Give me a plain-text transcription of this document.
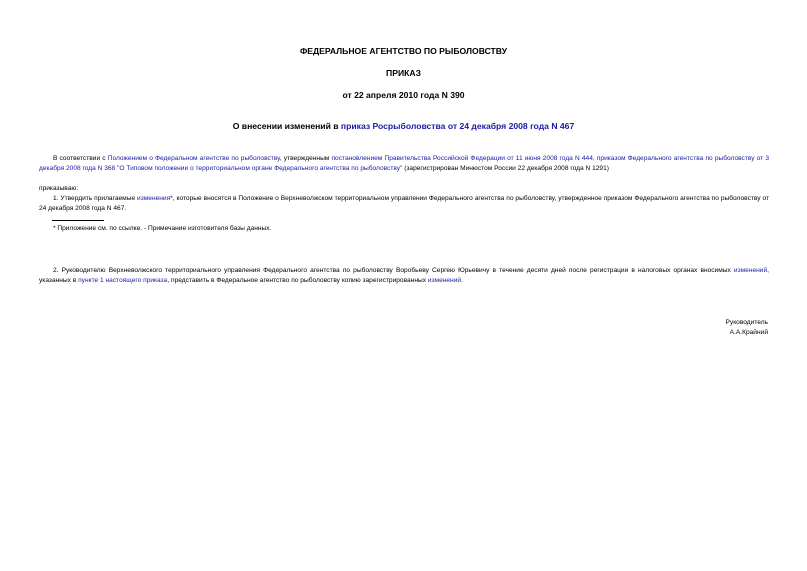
ФЕДЕРАЛЬНОЕ АГЕНТСТВО ПО РЫБОЛОВСТВУ
ПРИКАЗ
от 22 апреля 2010 года N 390
О внесении изменений в приказ Росрыболовства от 24 декабря 2008 года N 467
В соответствии с Положением о Федеральном агентстве по рыболовству, утвержденным постановлением Правительства Российской Федерации от 11 июня 2008 года N 444, приказом Федерального агентства по рыболовству от 3 декабря 2008 года N 368 "О Типовом положении о территориальном органе Федерального агентства по рыболовству" (зарегистрирован Минюстом России 22 декабря 2008 года N 1291)
приказываю:
1. Утвердить прилагаемые изменения*, которые вносятся в Положение о Верхневолжском территориальном управлении Федерального агентства по рыболовству, утвержденное приказом Федерального агентства по рыболовству от 24 декабря 2008 года N 467.
* Приложение см. по ссылке. - Примечание изготовителя базы данных.
2. Руководителю Верхневолжского территориального управления Федерального агентства по рыболовству Воробьеву Сергею Юрьевичу в течение десяти дней после регистрации в налоговых органах вносимых изменений, указанных в пункте 1 настоящего приказа, представить в Федеральное агентство по рыболовству копию зарегистрированных изменений.
Руководитель
А.А.Крайний
